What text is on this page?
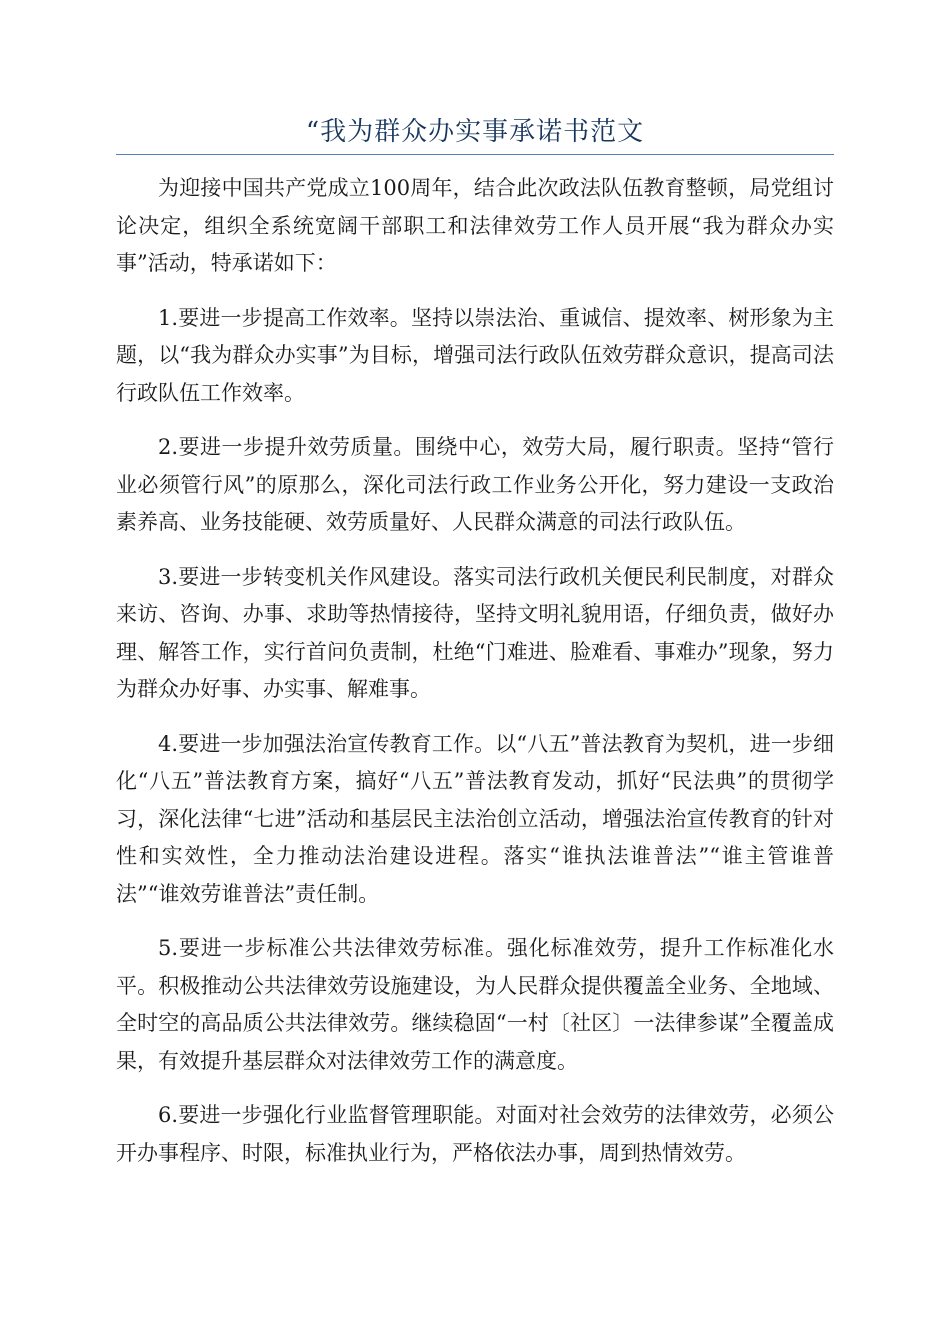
“我为群众办实事承诺书范文

为迎接中国共产党成立100周年，结合此次政法队伍教育整顿，局党组讨论决定，组织全系统宽阔干部职工和法律效劳工作人员开展“我为群众办实事”活动，特承诺如下：

1.要进一步提高工作效率。坚持以崇法治、重诚信、提效率、树形象为主题，以“我为群众办实事”为目标，增强司法行政队伍效劳群众意识，提高司法行政队伍工作效率。

2.要进一步提升效劳质量。围绕中心，效劳大局，履行职责。坚持“管行业必须管行风”的原那么，深化司法行政工作业务公开化，努力建设一支政治素养高、业务技能硬、效劳质量好、人民群众满意的司法行政队伍。

3.要进一步转变机关作风建设。落实司法行政机关便民利民制度，对群众来访、咨询、办事、求助等热情接待，坚持文明礼貌用语，仔细负责，做好办理、解答工作，实行首问负责制，杜绝“门难进、脸难看、事难办”现象，努力为群众办好事、办实事、解难事。

4.要进一步加强法治宣传教育工作。以“八五”普法教育为契机，进一步细化“八五”普法教育方案，搞好“八五”普法教育发动，抓好“民法典”的贯彻学习，深化法律“七进”活动和基层民主法治创立活动，增强法治宣传教育的针对性和实效性，全力推动法治建设进程。落实“谁执法谁普法”“谁主管谁普法”“谁效劳谁普法”责任制。

5.要进一步标准公共法律效劳标准。强化标准效劳，提升工作标准化水平。积极推动公共法律效劳设施建设，为人民群众提供覆盖全业务、全地域、全时空的高品质公共法律效劳。继续稳固“一村〔社区〕一法律参谋”全覆盖成果，有效提升基层群众对法律效劳工作的满意度。

6.要进一步强化行业监督管理职能。对面对社会效劳的法律效劳，必须公开办事程序、时限，标准执业行为，严格依法办事，周到热情效劳。
